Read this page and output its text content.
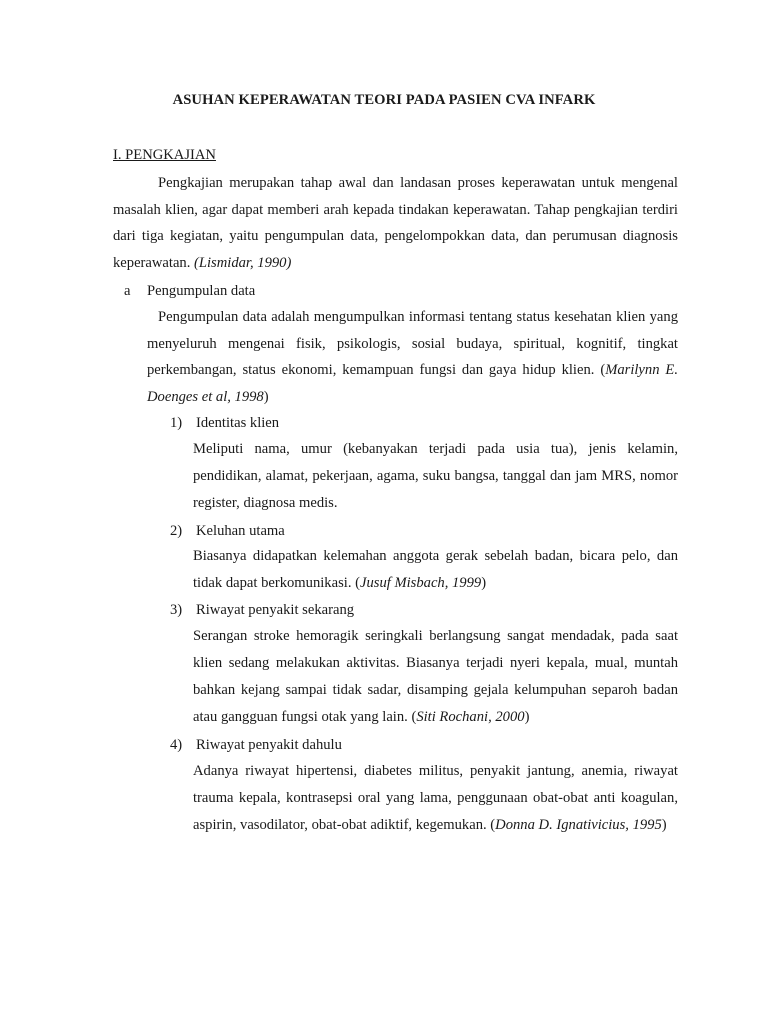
ASUHAN KEPERAWATAN TEORI PADA PASIEN CVA INFARK
I. PENGKAJIAN

Pengkajian merupakan tahap awal dan landasan proses keperawatan untuk mengenal masalah klien, agar dapat memberi arah kepada tindakan keperawatan. Tahap pengkajian terdiri dari tiga kegiatan, yaitu pengumpulan data, pengelompokkan data, dan perumusan diagnosis keperawatan. (Lismidar, 1990)

a Pengumpulan data

Pengumpulan data adalah mengumpulkan informasi tentang status kesehatan klien yang menyeluruh mengenai fisik, psikologis, sosial budaya, spiritual, kognitif, tingkat perkembangan, status ekonomi, kemampuan fungsi dan gaya hidup klien. (Marilynn E. Doenges et al, 1998)

1) Identitas klien

Meliputi nama, umur (kebanyakan terjadi pada usia tua), jenis kelamin, pendidikan, alamat, pekerjaan, agama, suku bangsa, tanggal dan jam MRS, nomor register, diagnosa medis.

2) Keluhan utama

Biasanya didapatkan kelemahan anggota gerak sebelah badan, bicara pelo, dan tidak dapat berkomunikasi. (Jusuf Misbach, 1999)

3) Riwayat penyakit sekarang

Serangan stroke hemoragik seringkali berlangsung sangat mendadak, pada saat klien sedang melakukan aktivitas. Biasanya terjadi nyeri kepala, mual, muntah bahkan kejang sampai tidak sadar, disamping gejala kelumpuhan separoh badan atau gangguan fungsi otak yang lain. (Siti Rochani, 2000)

4) Riwayat penyakit dahulu

Adanya riwayat hipertensi, diabetes militus, penyakit jantung, anemia, riwayat trauma kepala, kontrasepsi oral yang lama, penggunaan obat-obat anti koagulan, aspirin, vasodilator, obat-obat adiktif, kegemukan. (Donna D. Ignativicius, 1995)
